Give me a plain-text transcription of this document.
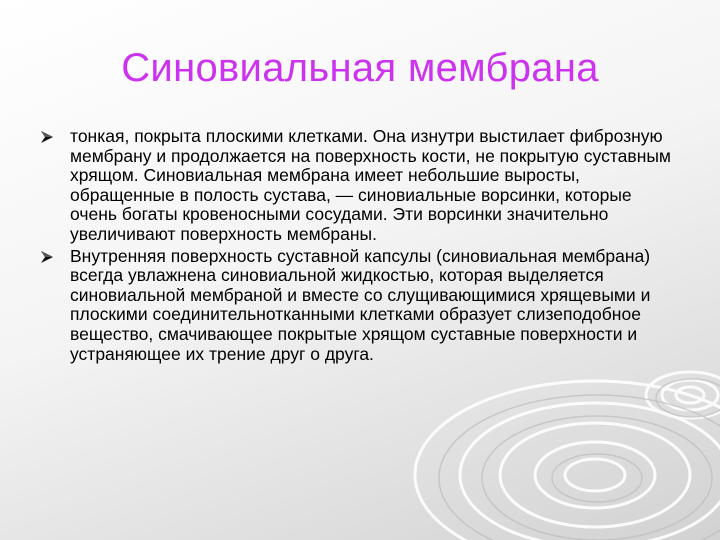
Синовиальная мембрана
тонкая, покрыта плоскими клетками. Она изнутри выстилает фиброзную мембрану и продолжается на поверхность кости, не покрытую суставным хрящом. Синовиальная мембрана имеет небольшие выросты, обращенные в полость сустава, — синовиальные ворсинки, которые очень богаты кровеносными сосудами. Эти ворсинки значительно увеличивают поверхность мембраны.
Внутренняя поверхность суставной капсулы (синовиальная мембрана) всегда увлажнена синовиальной жидкостью, которая выделяется синовиальной мембраной и вместе со слущивающимися хрящевыми и плоскими соединительнотканными клетками образует слизеподобное вещество, смачивающее покрытые хрящом суставные поверхности и устраняющее их трение друг о друга.
